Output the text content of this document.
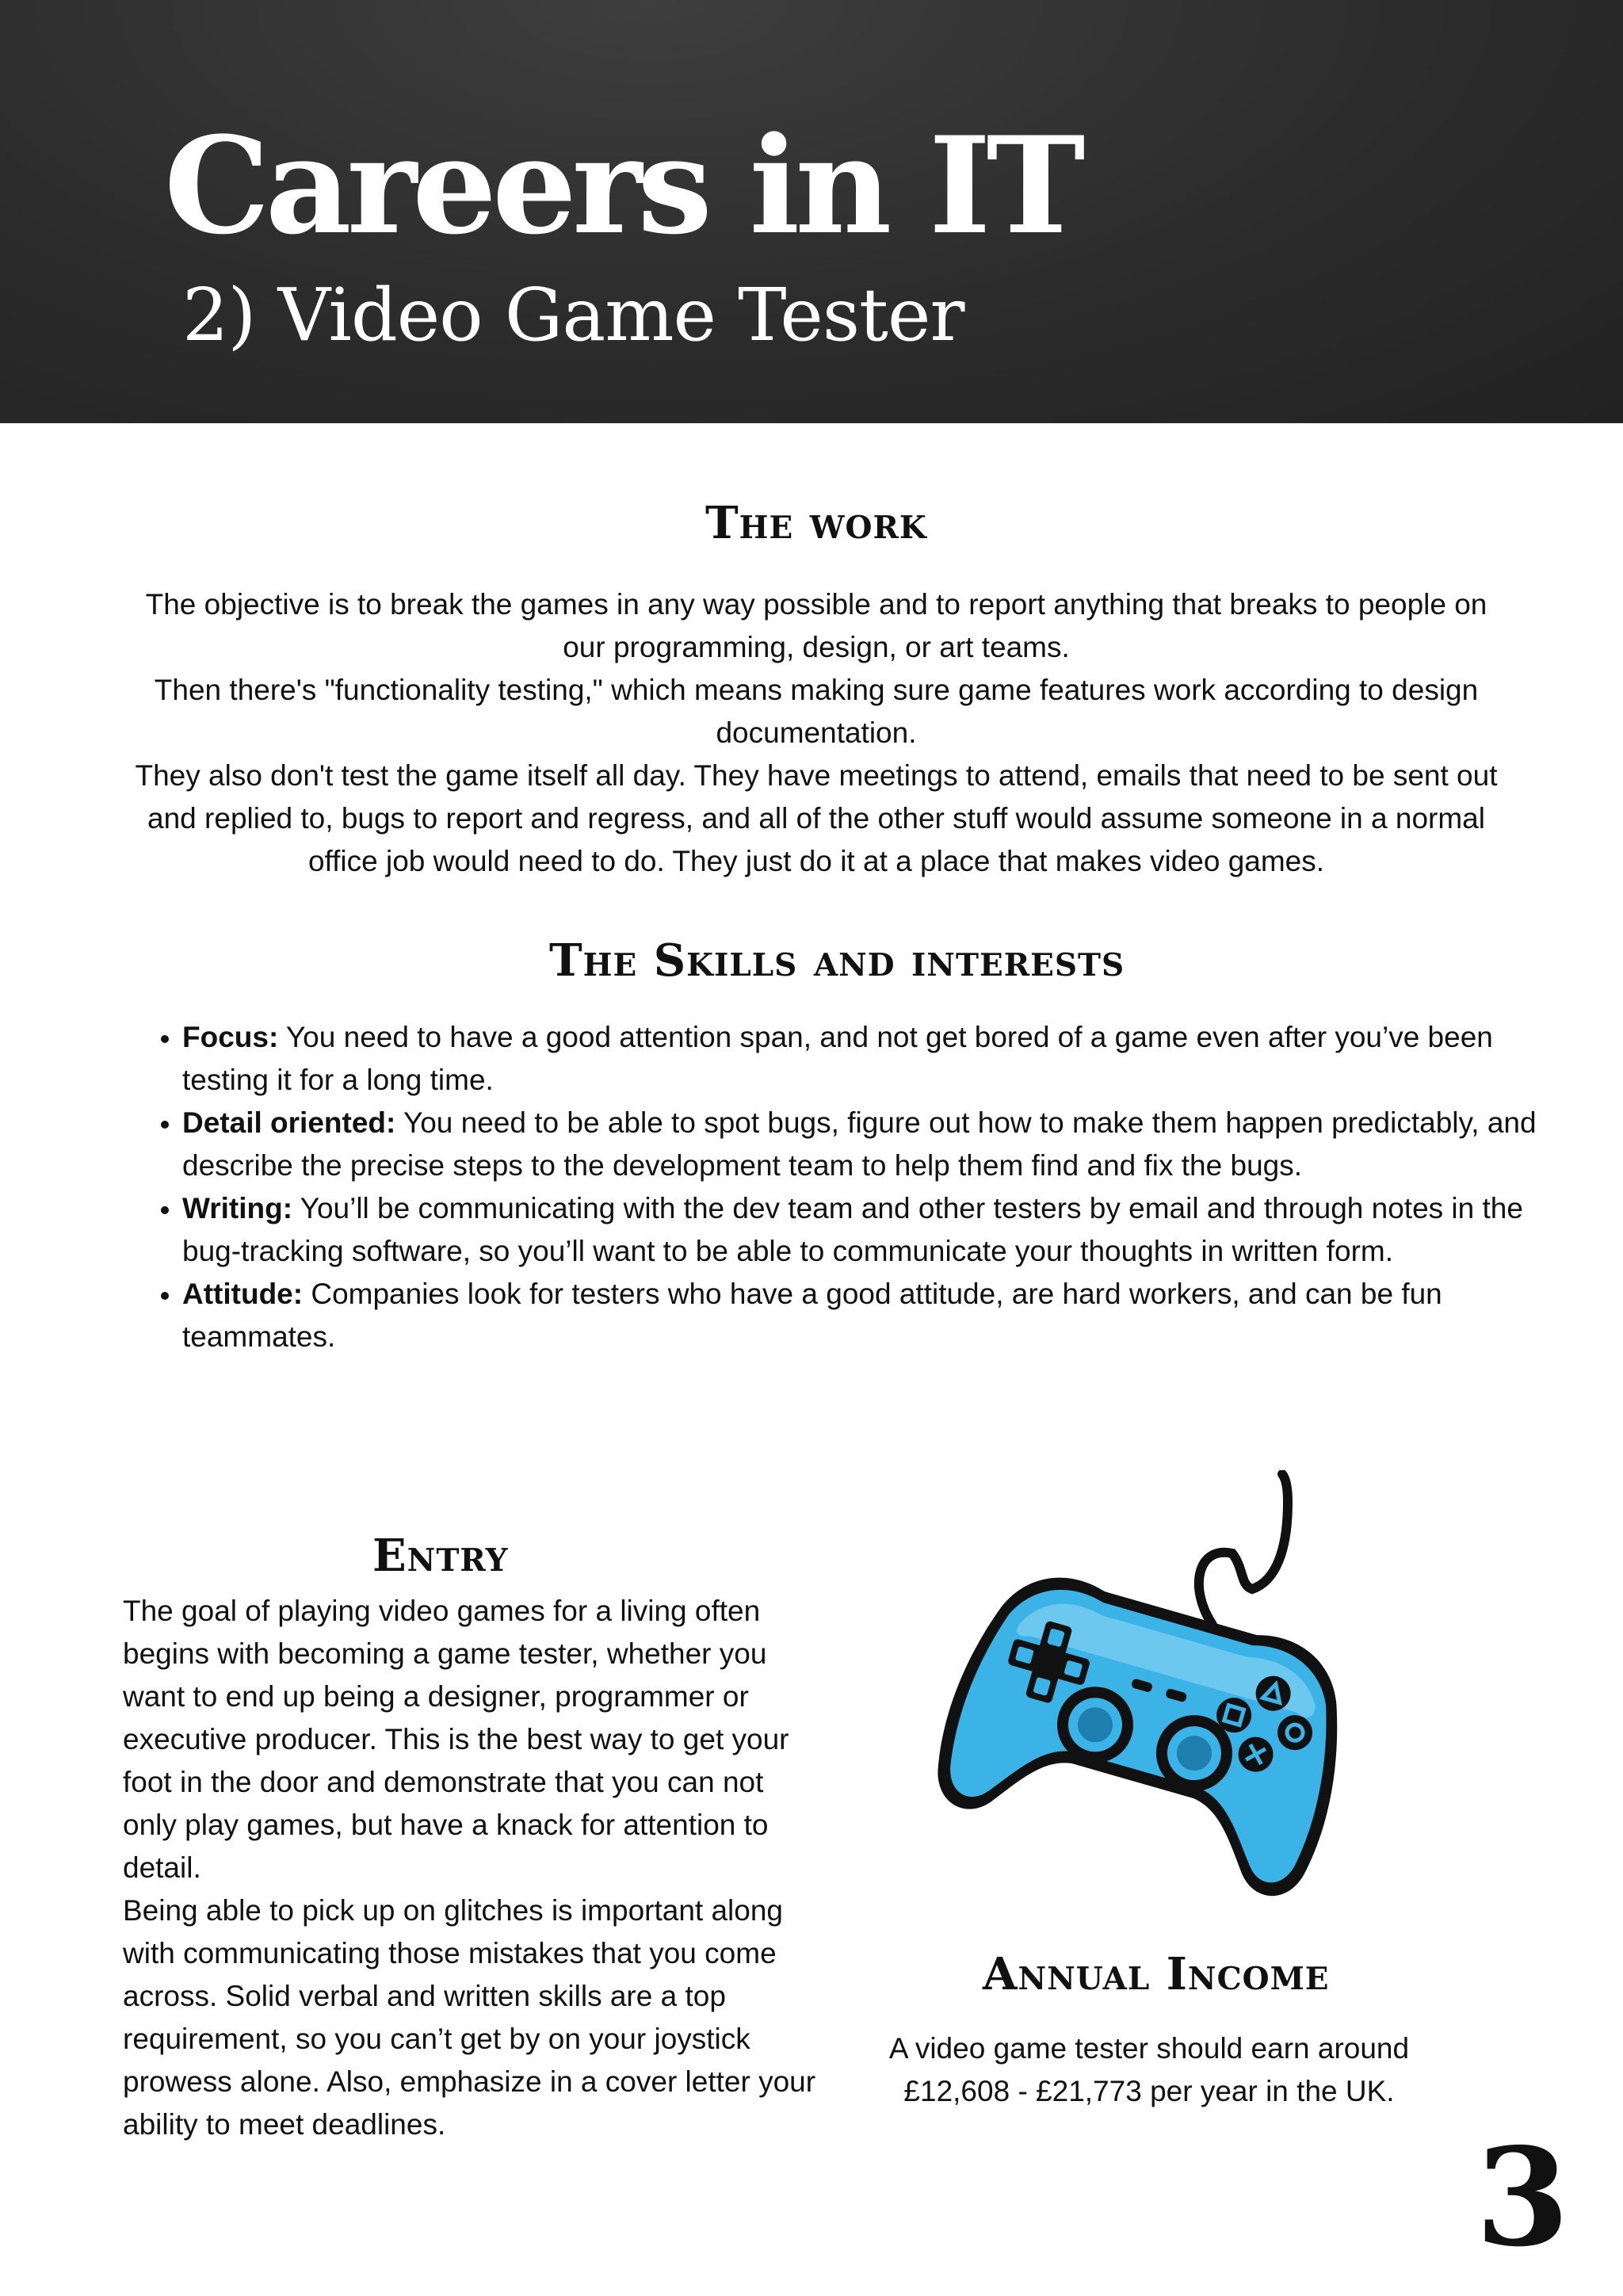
Careers in IT
2) Video Game Tester
The work

The objective is to break the games in any way possible and to report anything that breaks to people on our programming, design, or art teams.

Then there's "functionality testing," which means making sure game features work according to design documentation.

They also don't test the game itself all day. They have meetings to attend, emails that need to be sent out and replied to, bugs to report and regress, and all of the other stuff would assume someone in a normal office job would need to do. They just do it at a place that makes video games.

The Skills and interests
• Focus: You need to have a good attention span, and not get bored of a game even after you’ve been testing it for a long time.
• Detail oriented: You need to be able to spot bugs, figure out how to make them happen predictably, and describe the precise steps to the development team to help them find and fix the bugs.
• Writing: You’ll be communicating with the dev team and other testers by email and through notes in the bug-tracking software, so you’ll want to be able to communicate your thoughts in written form.
• Attitude: Companies look for testers who have a good attitude, are hard workers, and can be fun teammates.
Entry

The goal of playing video games for a living often begins with becoming a game tester, whether you want to end up being a designer, programmer or executive producer. This is the best way to get your foot in the door and demonstrate that you can not only play games, but have a knack for attention to detail.

Being able to pick up on glitches is important along with communicating those mistakes that you come across. Solid verbal and written skills are a top requirement, so you can’t get by on your joystick prowess alone. Also, emphasize in a cover letter your ability to meet deadlines.

Annual Income

A video game tester should earn around £12,608 - £21,773 per year in the UK.

3
